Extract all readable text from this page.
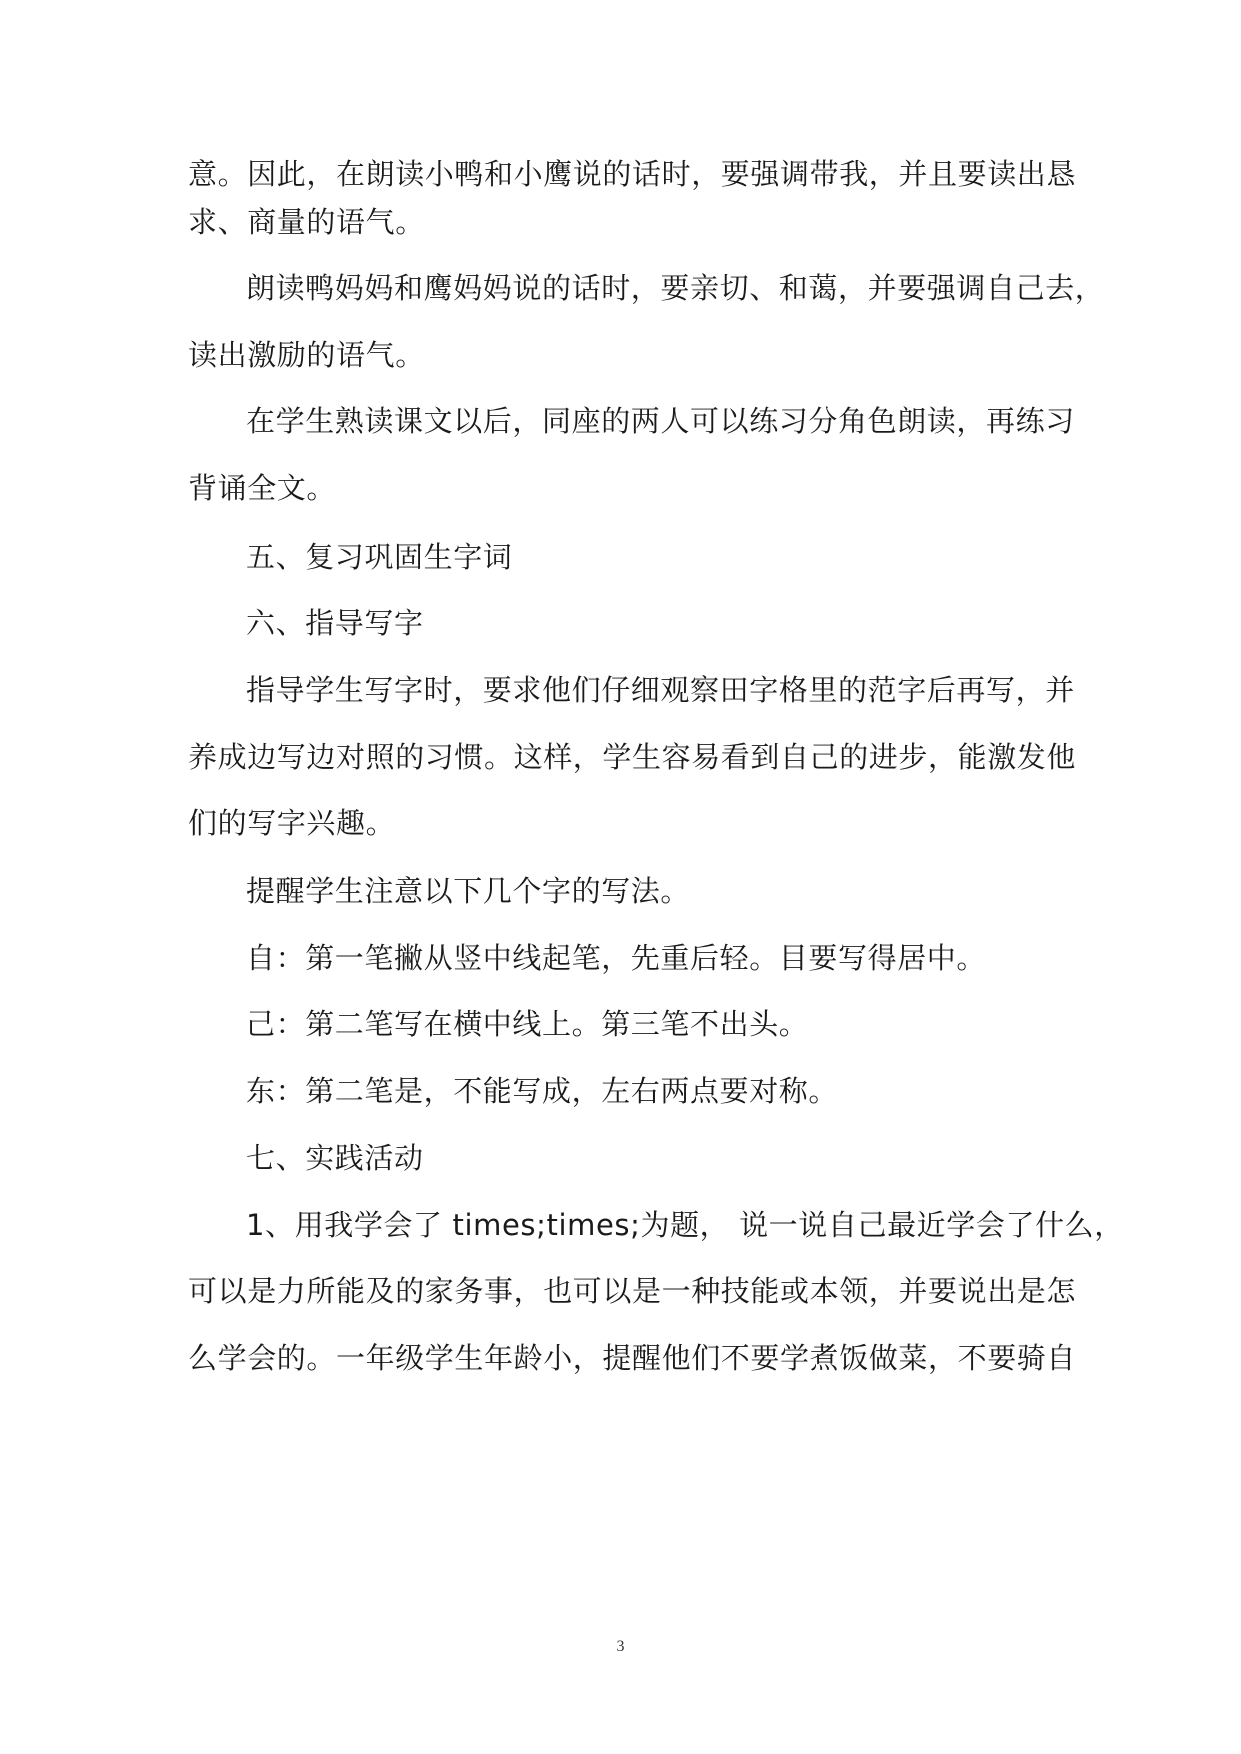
意。因此，在朗读小鸭和小鹰说的话时，要强调带我，并且要读出恳

求、商量的语气。

朗读鸭妈妈和鹰妈妈说的话时，要亲切、和蔼，并要强调自己去，

读出激励的语气。

在学生熟读课文以后，同座的两人可以练习分角色朗读，再练习

背诵全文。

五、复习巩固生字词

六、指导写字

指导学生写字时，要求他们仔细观察田字格里的范字后再写，并

养成边写边对照的习惯。这样，学生容易看到自己的进步，能激发他

们的写字兴趣。

提醒学生注意以下几个字的写法。

自：第一笔撇从竖中线起笔，先重后轻。目要写得居中。

己：第二笔写在横中线上。第三笔不出头。

东：第二笔是，不能写成，左右两点要对称。

七、实践活动

1、用我学会了 times;times;为题， 说一说自己最近学会了什么，

可以是力所能及的家务事，也可以是一种技能或本领，并要说出是怎

么学会的。一年级学生年龄小，提醒他们不要学煮饭做菜，不要骑自

3
